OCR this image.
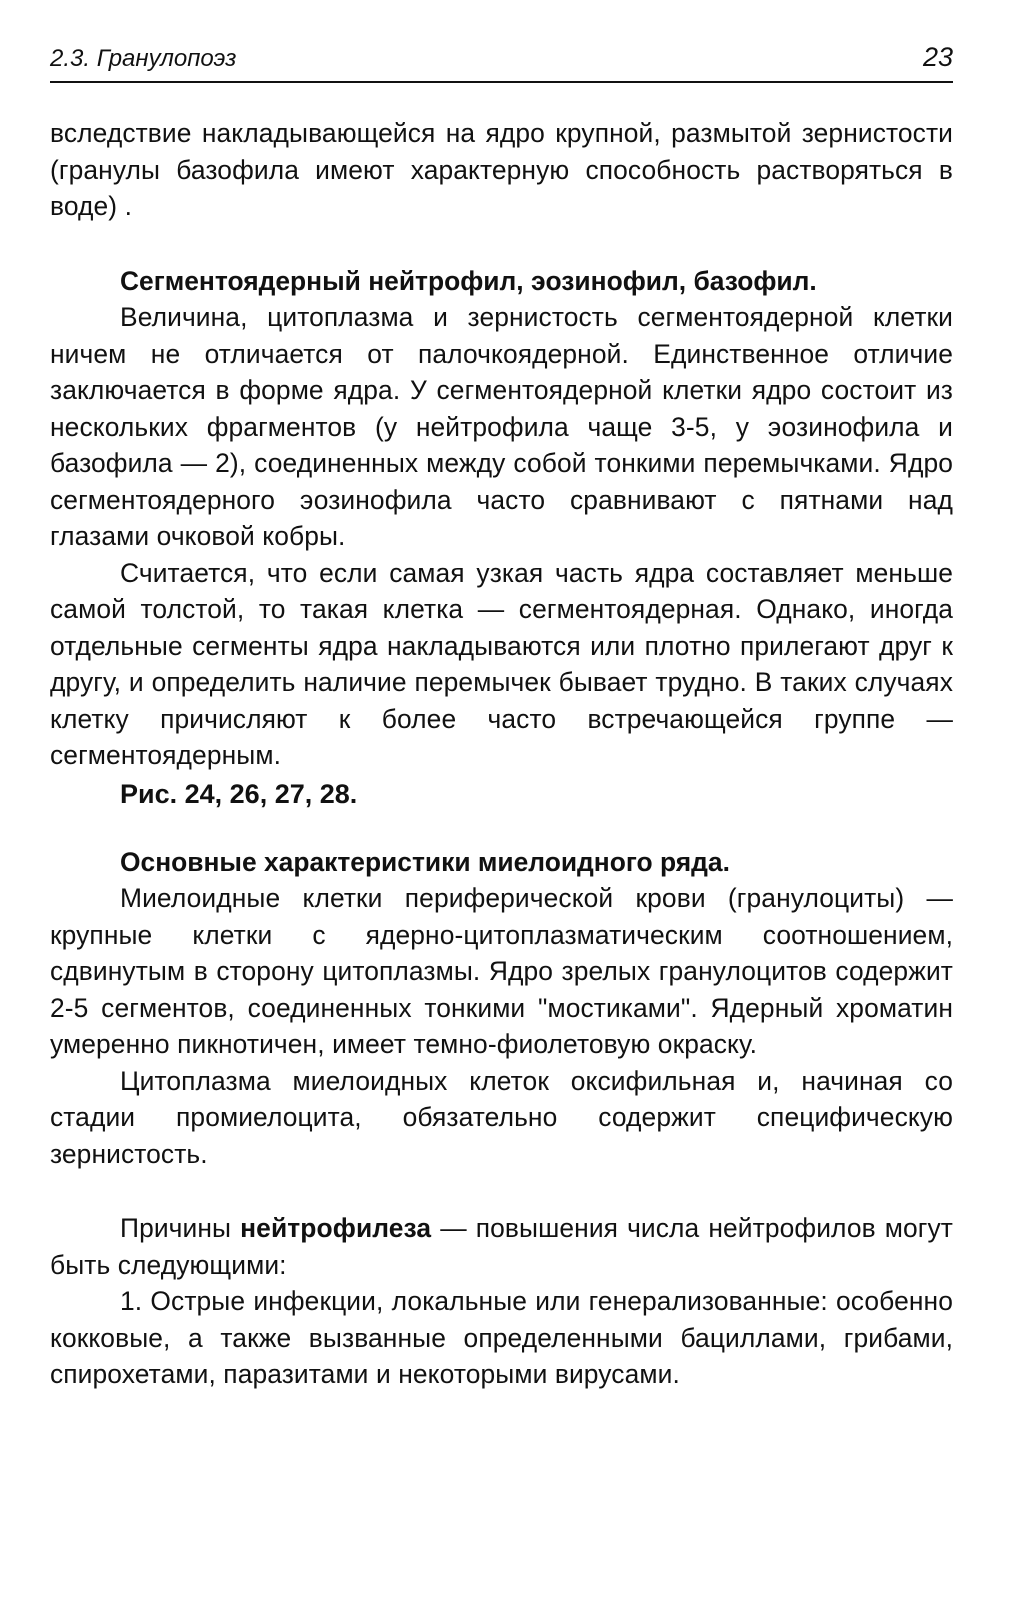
2.3. Гранулопоэз	23

вследствие накладывающейся на ядро крупной, размытой зернистости (гранулы базофила имеют характерную способность растворяться в воде) .

Сегментоядерный нейтрофил, эозинофил, базофил.

Величина, цитоплазма и зернистость сегментоядерной клетки ничем не отличается от палочкоядерной. Единственное отличие заключается в форме ядра. У сегментоядерной клетки ядро состоит из нескольких фрагментов (у нейтрофила чаще 3-5, у эозинофила и базофила — 2), соединенных между собой тонкими перемычками. Ядро сегментоядерного эозинофила часто сравнивают с пятнами над глазами очковой кобры.

Считается, что если самая узкая часть ядра составляет меньше самой толстой, то такая клетка — сегментоядерная. Однако, иногда отдельные сегменты ядра накладываются или плотно прилегают друг к другу, и определить наличие перемычек бывает трудно. В таких случаях клетку причисляют к более часто встречающейся группе — сегментоядерным.

Рис. 24, 26, 27, 28.
Основные характеристики миелоидного ряда.

Миелоидные клетки периферической крови (гранулоциты) — крупные клетки с ядерно-цитоплазматическим соотношением, сдвинутым в сторону цитоплазмы. Ядро зрелых гранулоцитов содержит 2-5 сегментов, соединенных тонкими "мостиками". Ядерный хроматин умеренно пикнотичен, имеет темно-фиолетовую окраску.

Цитоплазма миелоидных клеток оксифильная и, начиная со стадии промиелоцита, обязательно содержит специфическую зернистость.

Причины нейтрофилеза — повышения числа нейтрофилов могут быть следующими:

1. Острые инфекции, локальные или генерализованные: особенно кокковые, а также вызванные определенными бациллами, грибами, спирохетами, паразитами и некоторыми вирусами.
